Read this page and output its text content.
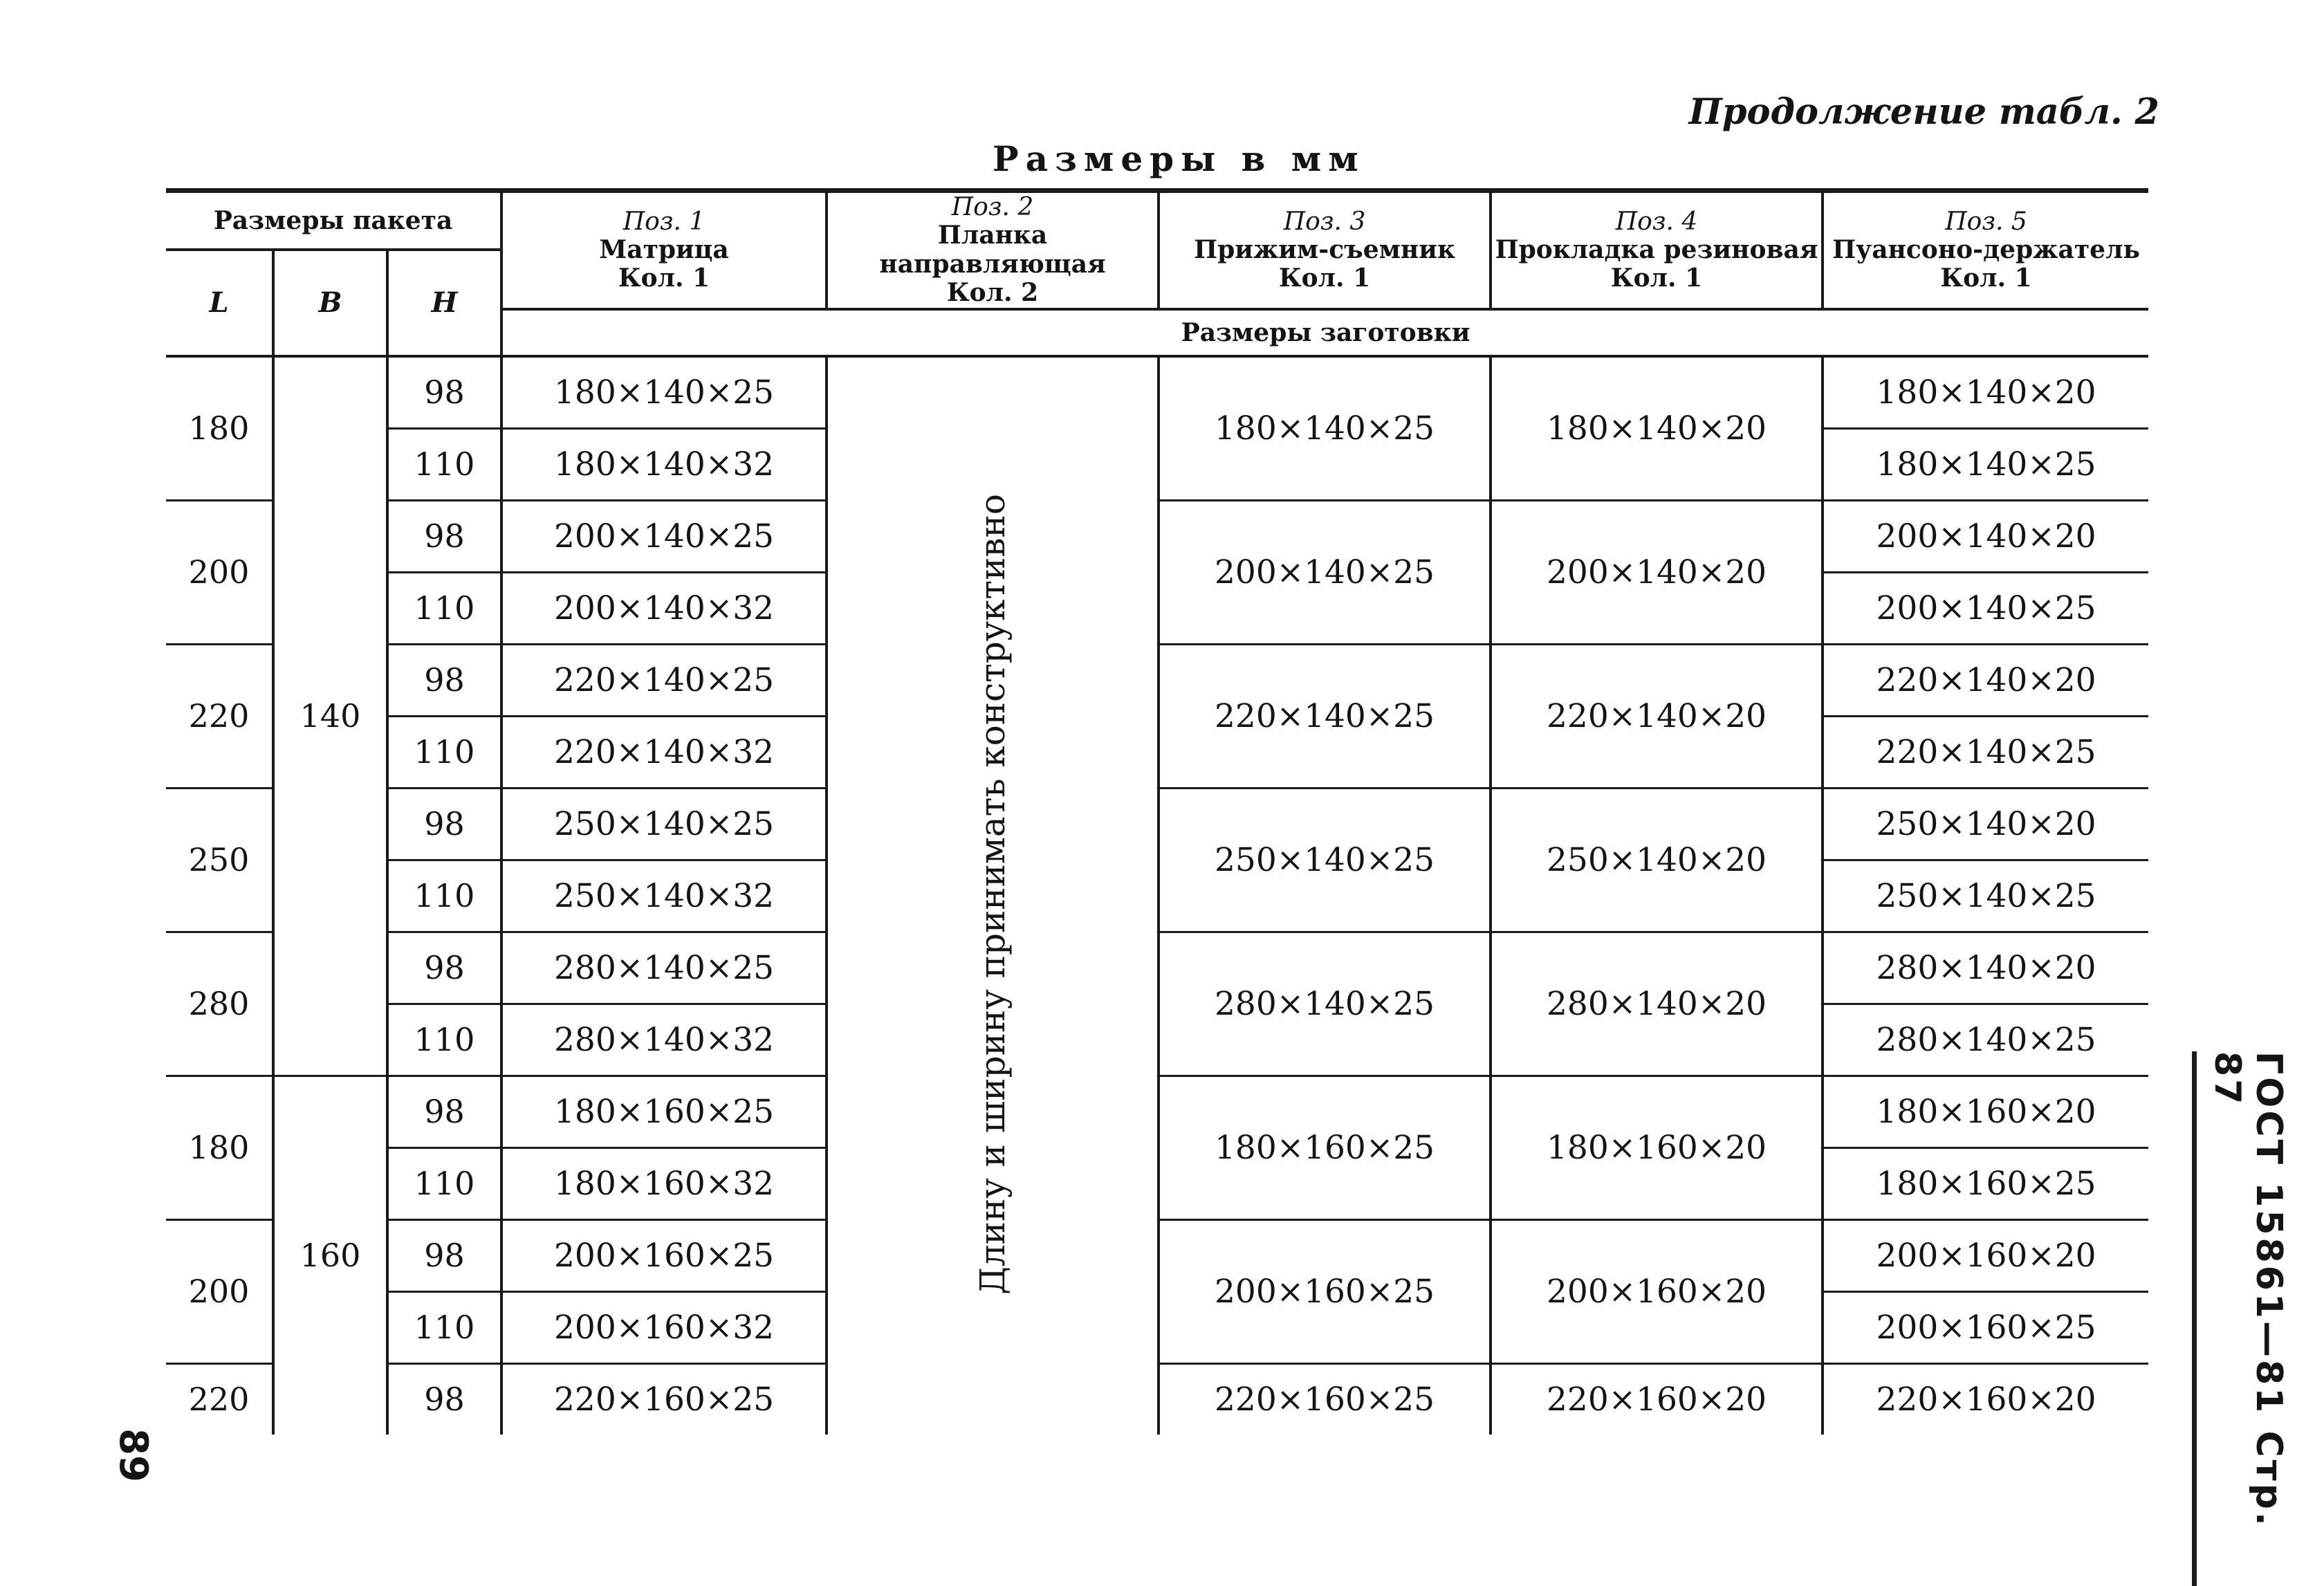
Продолжение табл. 2
Размеры в мм
Размеры пакета			Поз. 1
Матрица
Кол. 1	Поз. 2
Планка направляющая
Кол. 2	Поз. 3
Прижим-съемник
Кол. 1	Поз. 4
Прокладка резиновая
Кол. 1	Поз. 5
Пуансоно-держатель
Кол. 1
L	B	H					
			Размеры заготовки				
180	140	98	180×140×25	Длину и ширину принимать конструктивно	180×140×25	180×140×20	180×140×20
		110	180×140×32				180×140×25
200		98	200×140×25		200×140×25	200×140×20	200×140×20
		110	200×140×32				200×140×25
220		98	220×140×25		220×140×25	220×140×20	220×140×20
		110	220×140×32				220×140×25
250		98	250×140×25		250×140×25	250×140×20	250×140×20
		110	250×140×32				250×140×25
280		98	280×140×25		280×140×25	280×140×20	280×140×20
		110	280×140×32				280×140×25
180	160	98	180×160×25		180×160×25	180×160×20	180×160×20
		110	180×160×32				180×160×25
200		98	200×160×25		200×160×25	200×160×20	200×160×20
		110	200×160×32				200×160×25
220		98	220×160×25		220×160×25	220×160×20	220×160×20	ГОСТ 15861—81 Стр. 87
89
